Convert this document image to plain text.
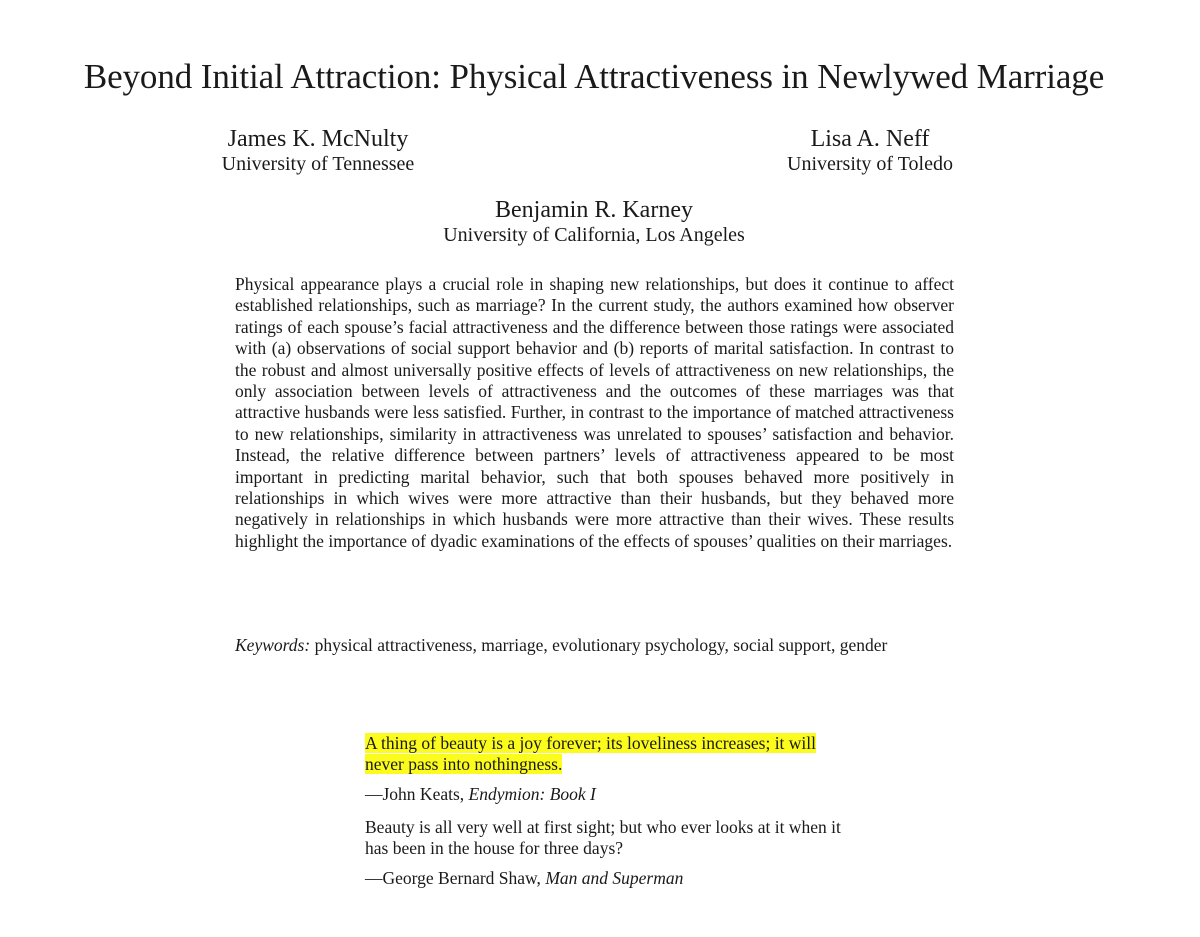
Beyond Initial Attraction: Physical Attractiveness in Newlywed Marriage
James K. McNulty
University of Tennessee
Lisa A. Neff
University of Toledo
Benjamin R. Karney
University of California, Los Angeles

Physical appearance plays a crucial role in shaping new relationships, but does it continue to affect established relationships, such as marriage? In the current study, the authors examined how observer ratings of each spouse’s facial attractiveness and the difference between those ratings were associated with (a) observations of social support behavior and (b) reports of marital satisfaction. In contrast to the robust and almost universally positive effects of levels of attractiveness on new relationships, the only association between levels of attractiveness and the outcomes of these marriages was that attractive husbands were less satisfied. Further, in contrast to the importance of matched attractiveness to new relationships, similarity in attractiveness was unrelated to spouses’ satisfaction and behavior. Instead, the relative difference between partners’ levels of attractiveness appeared to be most important in predicting marital behavior, such that both spouses behaved more positively in relationships in which wives were more attractive than their husbands, but they behaved more negatively in relationships in which husbands were more attractive than their wives. These results highlight the importance of dyadic examinations of the effects of spouses’ qualities on their marriages.

Keywords: physical attractiveness, marriage, evolutionary psychology, social support, gender

A thing of beauty is a joy forever; its loveliness increases; it will never pass into nothingness.

—John Keats, Endymion: Book I

Beauty is all very well at first sight; but who ever looks at it when it has been in the house for three days?

—George Bernard Shaw, Man and Superman
